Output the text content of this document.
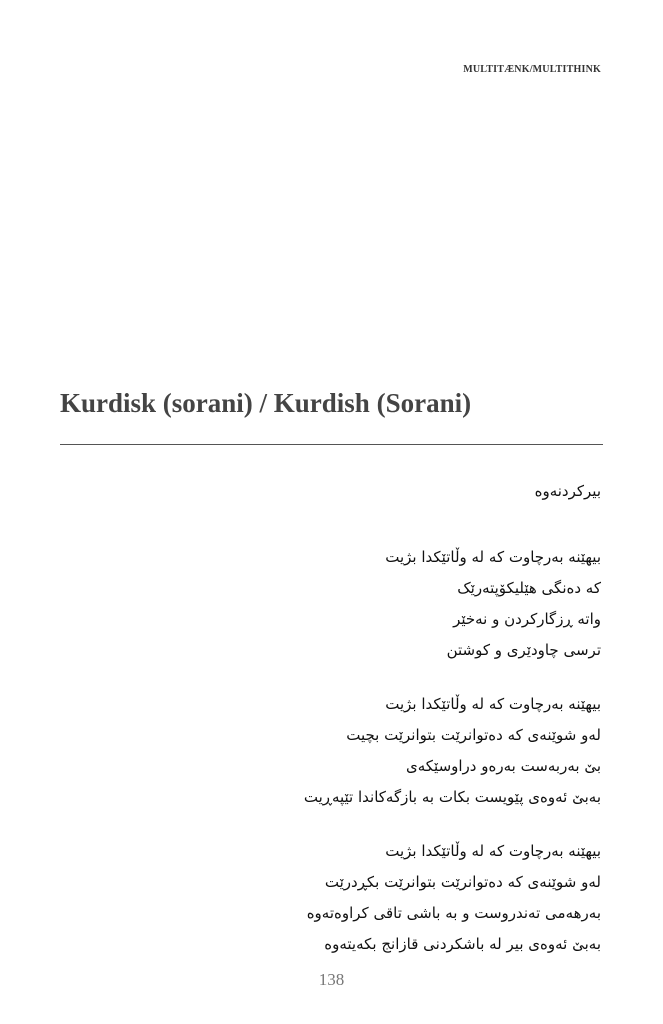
MULTITÆNK/MULTITHINK
Kurdisk (sorani) / Kurdish (Sorani)
بیرکردنەوە
بیهێنە بەرچاوت کە لە وڵاتێکدا بژیت
کە دەنگی هێلیکۆپتەرێک
واتە ڕزگارکردن و نەخێر
ترسی چاودێری و کوشتن
بیهێنە بەرچاوت کە لە وڵاتێکدا بژیت
لەو شوێنەی کە دەتوانرێت بتوانرێت بچیت
بێ بەربەست بەرەو دراوسێکەی
بەبێ ئەوەی پێویست بکات بە بازگەکاندا تێپەڕیت
بیهێنە بەرچاوت کە لە وڵاتێکدا بژیت
لەو شوێنەی کە دەتوانرێت بتوانرێت بکڕدرێت
بەرهەمی تەندروست و بە باشی تاقی کراوەتەوە
بەبێ ئەوەی بیر لە باشکردنی قازانج بکەیتەوە
138
